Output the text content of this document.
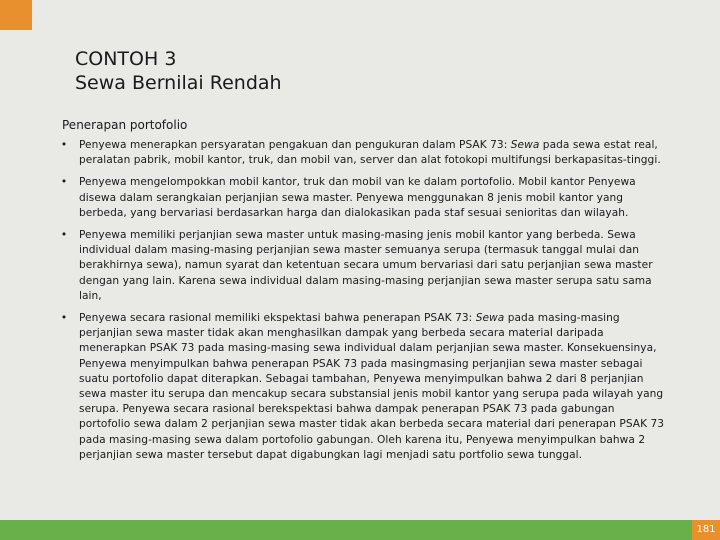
CONTOH 3
Sewa Bernilai Rendah
Penerapan portofolio
• Penyewa menerapkan persyaratan pengakuan dan pengukuran dalam PSAK 73: Sewa pada sewa estat real, peralatan pabrik, mobil kantor, truk, dan mobil van, server dan alat fotokopi multifungsi berkapasitas-tinggi.
• Penyewa mengelompokkan mobil kantor, truk dan mobil van ke dalam portofolio. Mobil kantor Penyewa disewa dalam serangkaian perjanjian sewa master. Penyewa menggunakan 8 jenis mobil kantor yang berbeda, yang bervariasi berdasarkan harga dan dialokasikan pada staf sesuai senioritas dan wilayah.
• Penyewa memiliki perjanjian sewa master untuk masing-masing jenis mobil kantor yang berbeda. Sewa individual dalam masing-masing perjanjian sewa master semuanya serupa (termasuk tanggal mulai dan berakhirnya sewa), namun syarat dan ketentuan secara umum bervariasi dari satu perjanjian sewa master dengan yang lain. Karena sewa individual dalam masing-masing perjanjian sewa master serupa satu sama lain,
• Penyewa secara rasional memiliki ekspektasi bahwa penerapan PSAK 73: Sewa pada masing-masing perjanjian sewa master tidak akan menghasilkan dampak yang berbeda secara material daripada menerapkan PSAK 73 pada masing-masing sewa individual dalam perjanjian sewa master. Konsekuensinya, Penyewa menyimpulkan bahwa penerapan PSAK 73 pada masingmasing perjanjian sewa master sebagai suatu portofolio dapat diterapkan. Sebagai tambahan, Penyewa menyimpulkan bahwa 2 dari 8 perjanjian sewa master itu serupa dan mencakup secara substansial jenis mobil kantor yang serupa pada wilayah yang serupa. Penyewa secara rasional berekspektasi bahwa dampak penerapan PSAK 73 pada gabungan portofolio sewa dalam 2 perjanjian sewa master tidak akan berbeda secara material dari penerapan PSAK 73 pada masing-masing sewa dalam portofolio gabungan. Oleh karena itu, Penyewa menyimpulkan bahwa 2 perjanjian sewa master tersebut dapat digabungkan lagi menjadi satu portfolio sewa tunggal.
181
